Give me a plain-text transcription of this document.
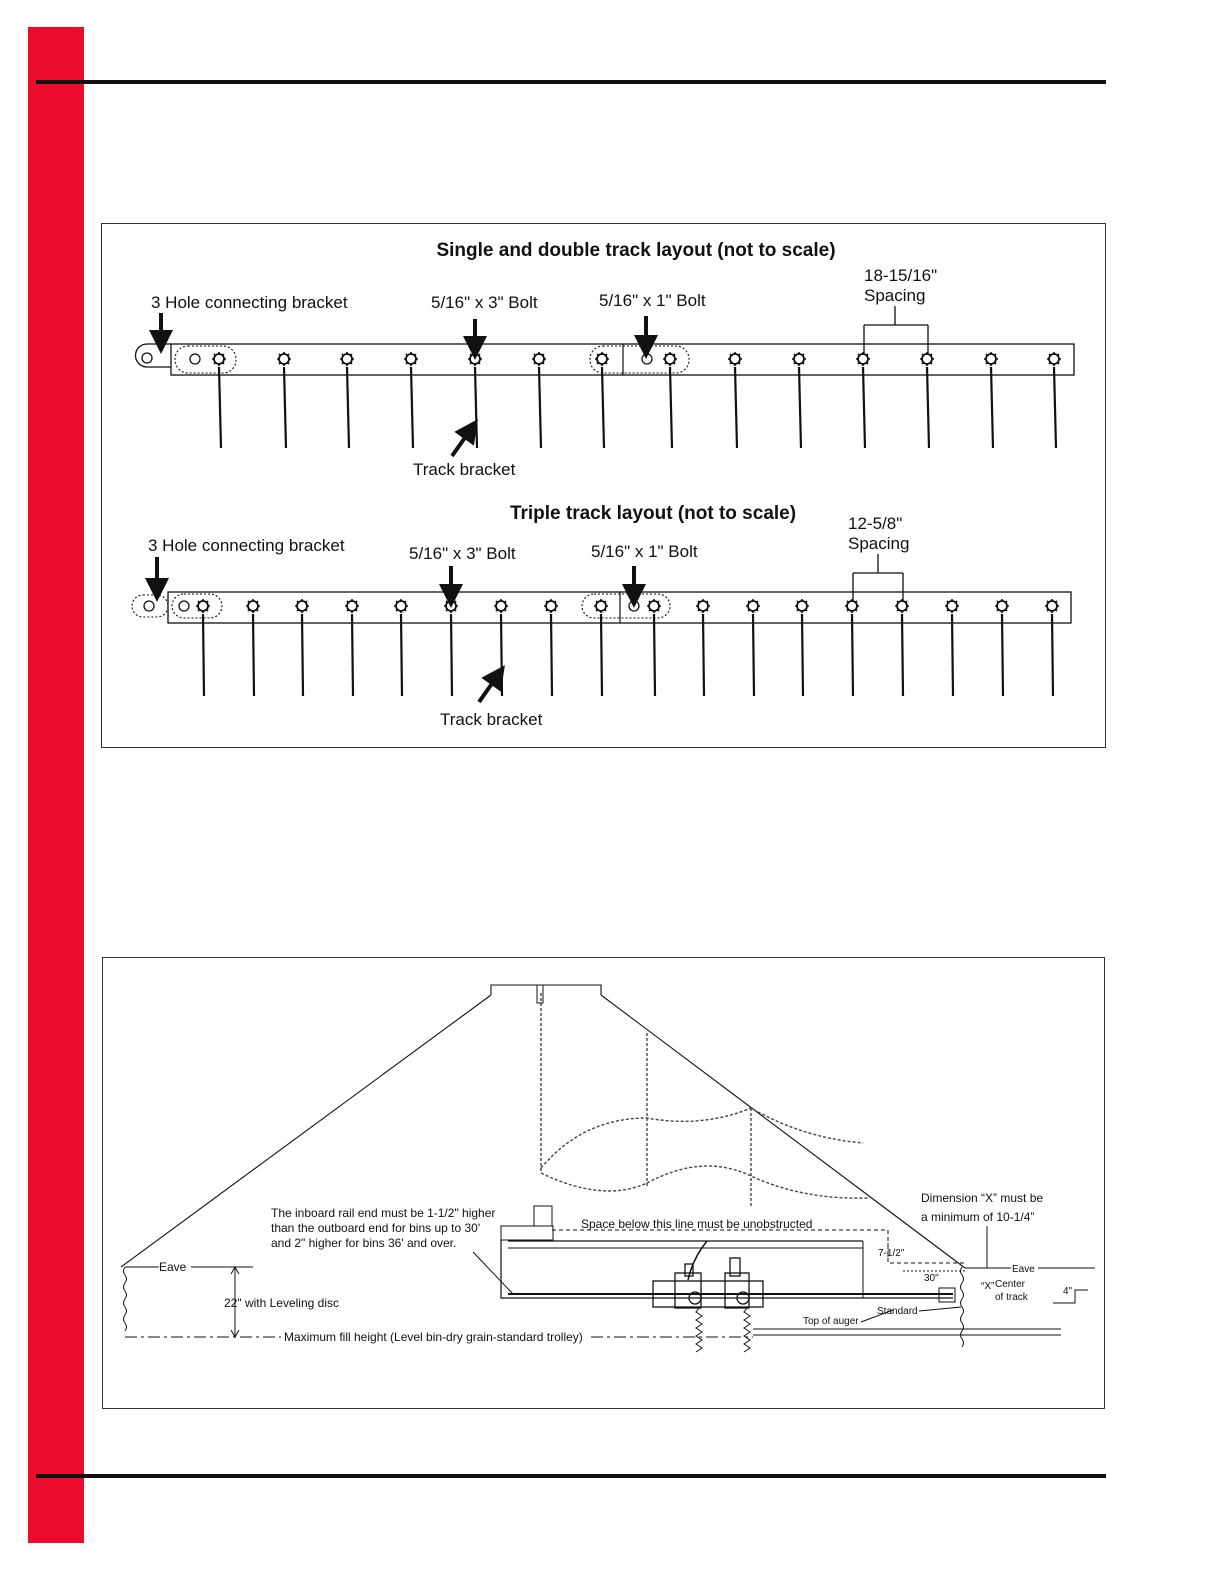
Single and double track layout (not to scale)
3 Hole connecting bracket	5/16" x 3" Bolt	5/16" x 1" Bolt
18-15/16"
Spacing
Track bracket
Triple track layout (not to scale)
3 Hole connecting bracket	5/16" x 3" Bolt	5/16" x 1" Bolt
12-5/8"
Spacing
Track bracket
Space below this line must be unobstructed
Top of auger
Standard
Maximum fill height (Level bin-dry grain-standard trolley)
Eave
22" with Leveling disc
The inboard rail end must be 1-1/2" higher
than the outboard end for bins up to 30'
and 2" higher for bins 36' and over.
7-1/2"
30"
Dimension “X” must be
a minimum of 10-1/4”
Eave
“X” Center
of track
4"
